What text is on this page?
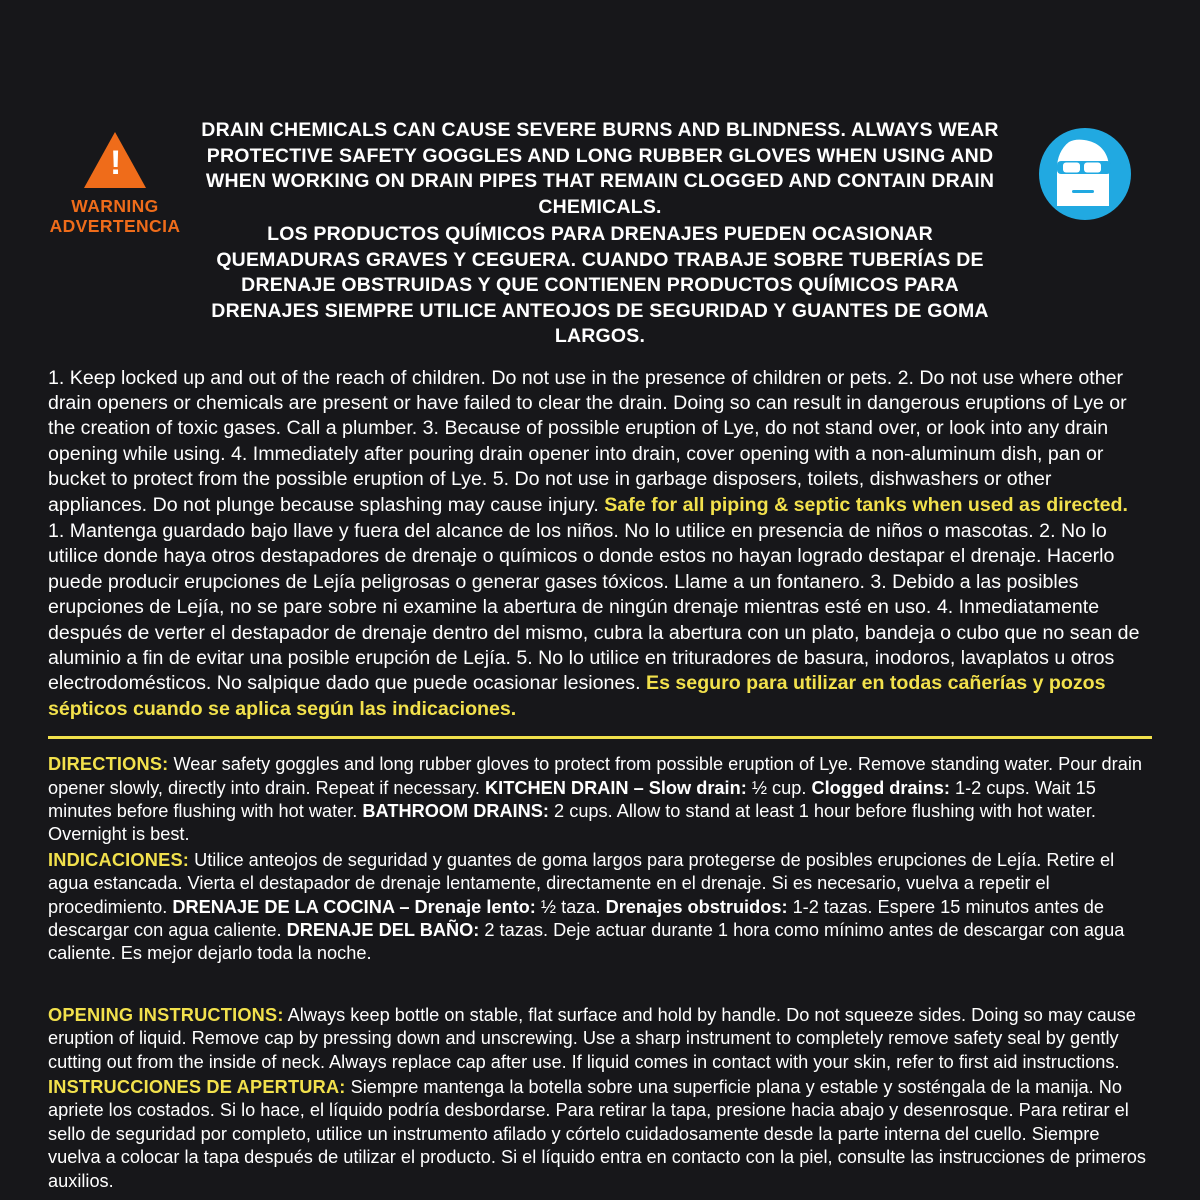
!
WARNING
ADVERTENCIA

DRAIN CHEMICALS CAN CAUSE SEVERE BURNS AND BLINDNESS. ALWAYS WEAR PROTECTIVE SAFETY GOGGLES AND LONG RUBBER GLOVES WHEN USING AND WHEN WORKING ON DRAIN PIPES THAT REMAIN CLOGGED AND CONTAIN DRAIN CHEMICALS.

LOS PRODUCTOS QUÍMICOS PARA DRENAJES PUEDEN OCASIONAR QUEMADURAS GRAVES Y CEGUERA. CUANDO TRABAJE SOBRE TUBERÍAS DE DRENAJE OBSTRUIDAS Y QUE CONTIENEN PRODUCTOS QUÍMICOS PARA DRENAJES SIEMPRE UTILICE ANTEOJOS DE SEGURIDAD Y GUANTES DE GOMA LARGOS.

1. Keep locked up and out of the reach of children. Do not use in the presence of children or pets. 2. Do not use where other drain openers or chemicals are present or have failed to clear the drain. Doing so can result in dangerous eruptions of Lye or the creation of toxic gases. Call a plumber. 3. Because of possible eruption of Lye, do not stand over, or look into any drain opening while using. 4. Immediately after pouring drain opener into drain, cover opening with a non-aluminum dish, pan or bucket to protect from the possible eruption of Lye. 5. Do not use in garbage disposers, toilets, dishwashers or other appliances. Do not plunge because splashing may cause injury. Safe for all piping & septic tanks when used as directed.

1. Mantenga guardado bajo llave y fuera del alcance de los niños. No lo utilice en presencia de niños o mascotas. 2. No lo utilice donde haya otros destapadores de drenaje o químicos o donde estos no hayan logrado destapar el drenaje. Hacerlo puede producir erupciones de Lejía peligrosas o generar gases tóxicos. Llame a un fontanero. 3. Debido a las posibles erupciones de Lejía, no se pare sobre ni examine la abertura de ningún drenaje mientras esté en uso. 4. Inmediatamente después de verter el destapador de drenaje dentro del mismo, cubra la abertura con un plato, bandeja o cubo que no sean de aluminio a fin de evitar una posible erupción de Lejía. 5. No lo utilice en trituradores de basura, inodoros, lavaplatos u otros electrodomésticos. No salpique dado que puede ocasionar lesiones. Es seguro para utilizar en todas cañerías y pozos sépticos cuando se aplica según las indicaciones.

DIRECTIONS: Wear safety goggles and long rubber gloves to protect from possible eruption of Lye. Remove standing water. Pour drain opener slowly, directly into drain. Repeat if necessary. KITCHEN DRAIN – Slow drain: ½ cup. Clogged drains: 1-2 cups. Wait 15 minutes before flushing with hot water. BATHROOM DRAINS: 2 cups. Allow to stand at least 1 hour before flushing with hot water. Overnight is best.

INDICACIONES: Utilice anteojos de seguridad y guantes de goma largos para protegerse de posibles erupciones de Lejía. Retire el agua estancada. Vierta el destapador de drenaje lentamente, directamente en el drenaje. Si es necesario, vuelva a repetir el procedimiento. DRENAJE DE LA COCINA – Drenaje lento: ½ taza. Drenajes obstruidos: 1-2 tazas. Espere 15 minutos antes de descargar con agua caliente. DRENAJE DEL BAÑO: 2 tazas. Deje actuar durante 1 hora como mínimo antes de descargar con agua caliente. Es mejor dejarlo toda la noche.

OPENING INSTRUCTIONS: Always keep bottle on stable, flat surface and hold by handle. Do not squeeze sides. Doing so may cause eruption of liquid. Remove cap by pressing down and unscrewing. Use a sharp instrument to completely remove safety seal by gently cutting out from the inside of neck. Always replace cap after use. If liquid comes in contact with your skin, refer to first aid instructions.

INSTRUCCIONES DE APERTURA: Siempre mantenga la botella sobre una superficie plana y estable y sosténgala de la manija. No apriete los costados. Si lo hace, el líquido podría desbordarse. Para retirar la tapa, presione hacia abajo y desenrosque. Para retirar el sello de seguridad por completo, utilice un instrumento afilado y córtelo cuidadosamente desde la parte interna del cuello. Siempre vuelva a colocar la tapa después de utilizar el producto. Si el líquido entra en contacto con la piel, consulte las instrucciones de primeros auxilios.
